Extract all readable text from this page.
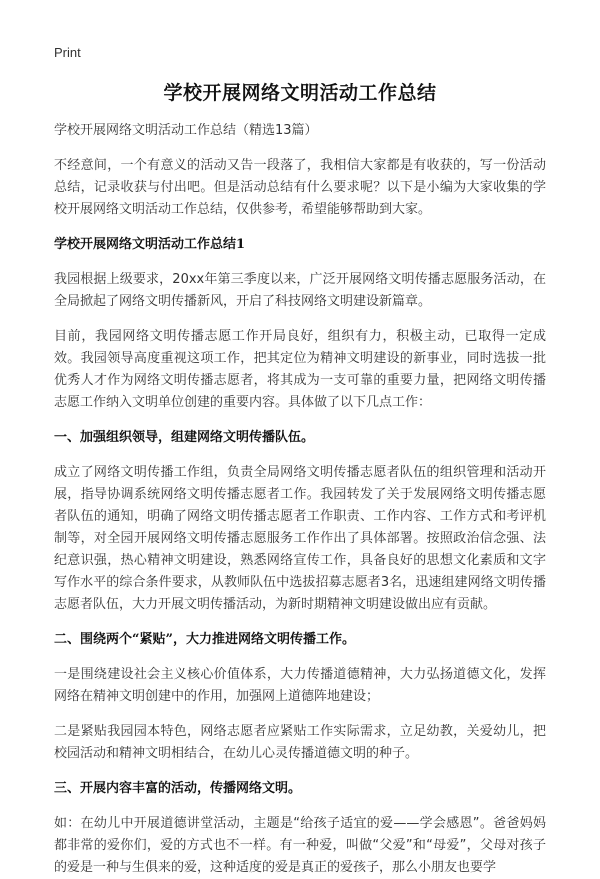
Print
学校开展网络文明活动工作总结

学校开展网络文明活动工作总结（精选13篇）

不经意间，一个有意义的活动又告一段落了，我相信大家都是有收获的，写一份活动总结，记录收获与付出吧。但是活动总结有什么要求呢？以下是小编为大家收集的学校开展网络文明活动工作总结，仅供参考，希望能够帮助到大家。

学校开展网络文明活动工作总结1

我园根据上级要求，20xx年第三季度以来，广泛开展网络文明传播志愿服务活动，在全局掀起了网络文明传播新风，开启了科技网络文明建设新篇章。

目前，我园网络文明传播志愿工作开局良好，组织有力，积极主动，已取得一定成效。我园领导高度重视这项工作，把其定位为精神文明建设的新事业，同时选拔一批优秀人才作为网络文明传播志愿者，将其成为一支可靠的重要力量，把网络文明传播志愿工作纳入文明单位创建的重要内容。具体做了以下几点工作：

一、加强组织领导，组建网络文明传播队伍。

成立了网络文明传播工作组，负责全局网络文明传播志愿者队伍的组织管理和活动开展，指导协调系统网络文明传播志愿者工作。我园转发了关于发展网络文明传播志愿者队伍的通知，明确了网络文明传播志愿者工作职责、工作内容、工作方式和考评机制等，对全园开展网络文明传播志愿服务工作作出了具体部署。按照政治信念强、法纪意识强，热心精神文明建设，熟悉网络宣传工作，具备良好的思想文化素质和文字写作水平的综合条件要求，从教师队伍中选拔招募志愿者3名，迅速组建网络文明传播志愿者队伍，大力开展文明传播活动，为新时期精神文明建设做出应有贡献。

二、围绕两个“紧贴”，大力推进网络文明传播工作。

一是围绕建设社会主义核心价值体系，大力传播道德精神，大力弘扬道德文化，发挥网络在精神文明创建中的作用，加强网上道德阵地建设；

二是紧贴我园园本特色，网络志愿者应紧贴工作实际需求，立足幼教，关爱幼儿，把校园活动和精神文明相结合，在幼儿心灵传播道德文明的种子。

三、开展内容丰富的活动，传播网络文明。

如：在幼儿中开展道德讲堂活动，主题是“给孩子适宜的爱——学会感恩”。爸爸妈妈都非常的爱你们，爱的方式也不一样。有一种爱，叫做“父爱”和“母爱”，父母对孩子的爱是一种与生俱来的爱，这种适度的爱是真正的爱孩子，那么小朋友也要学
